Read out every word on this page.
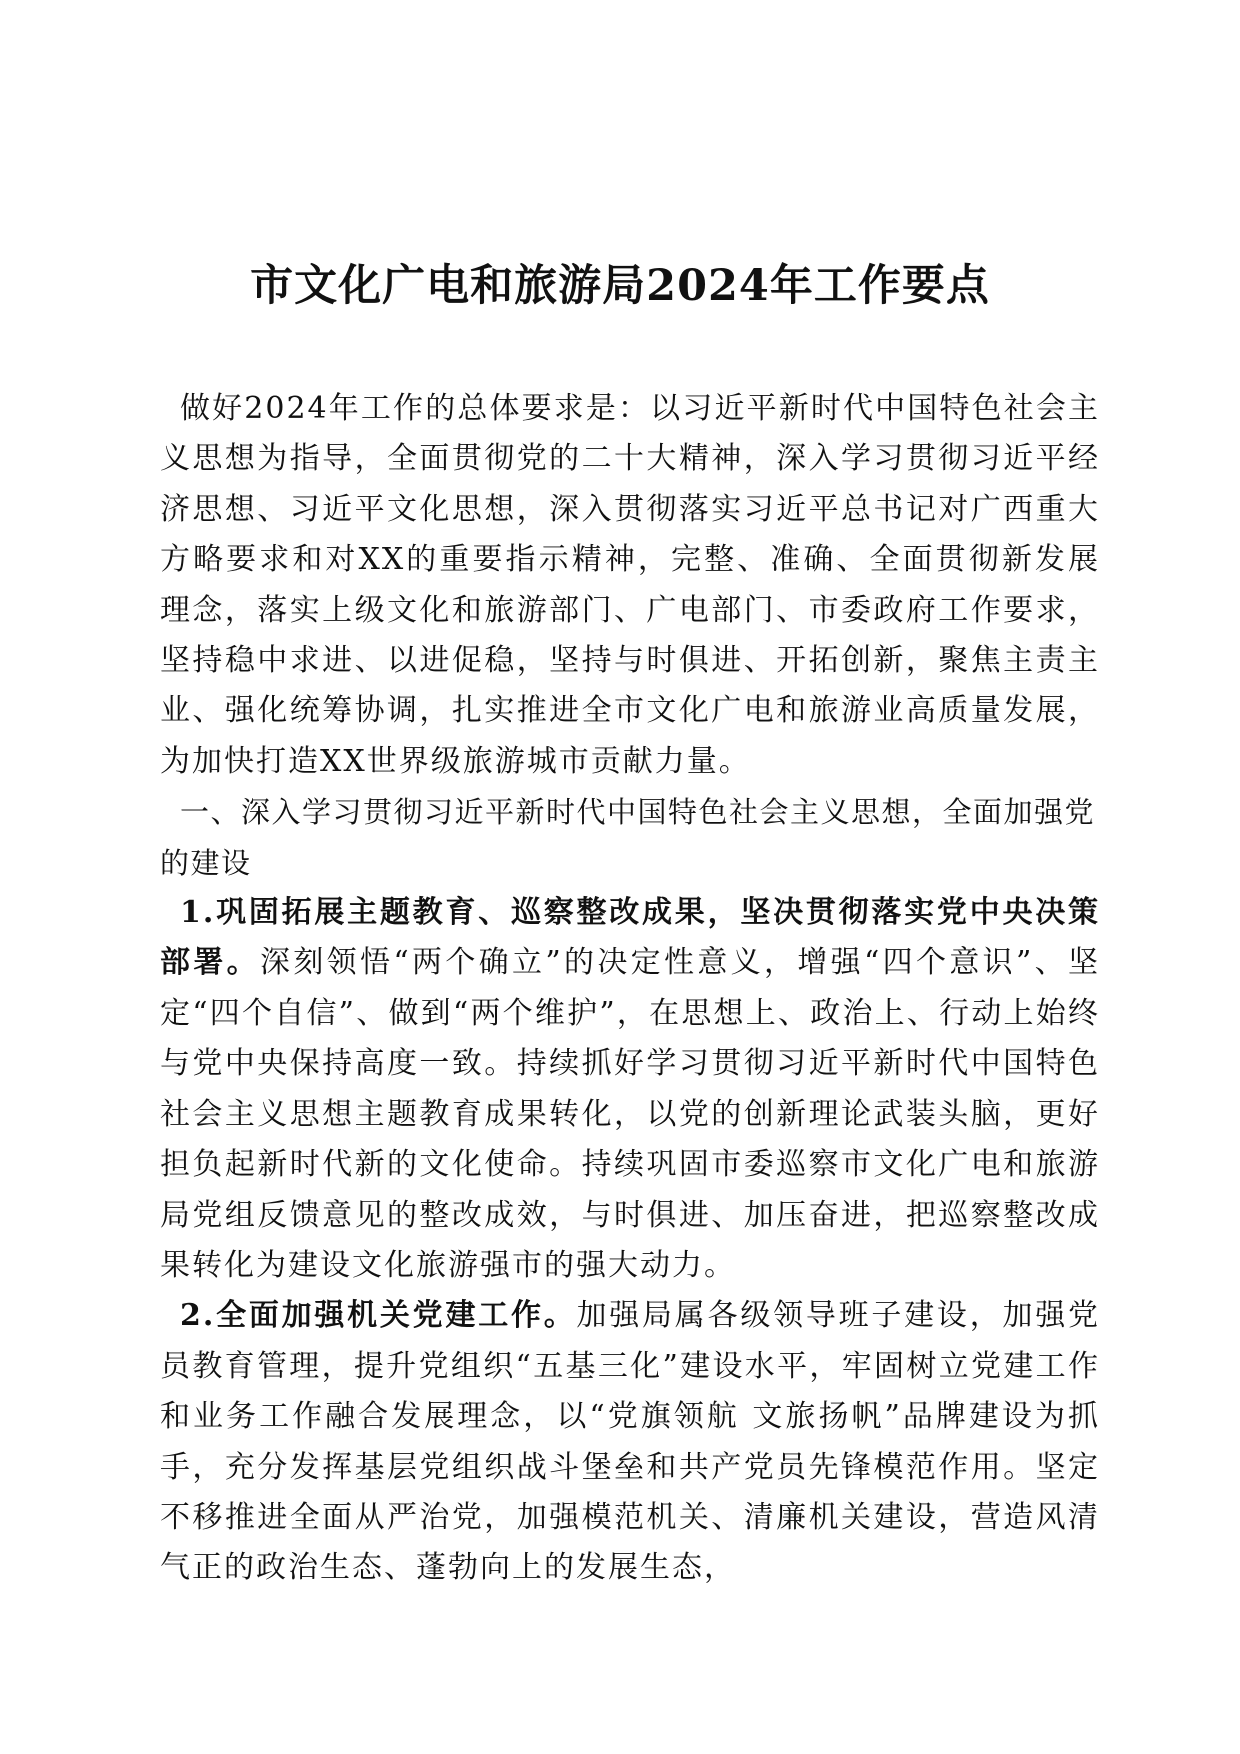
市文化广电和旅游局2024年工作要点

做好2024年工作的总体要求是：以习近平新时代中国特色社会主义思想为指导，全面贯彻党的二十大精神，深入学习贯彻习近平经济思想、习近平文化思想，深入贯彻落实习近平总书记对广西重大方略要求和对XX的重要指示精神，完整、准确、全面贯彻新发展理念，落实上级文化和旅游部门、广电部门、市委政府工作要求，坚持稳中求进、以进促稳，坚持与时俱进、开拓创新，聚焦主责主业、强化统筹协调，扎实推进全市文化广电和旅游业高质量发展，为加快打造XX世界级旅游城市贡献力量。

一、深入学习贯彻习近平新时代中国特色社会主义思想，全面加强党的建设

1.巩固拓展主题教育、巡察整改成果，坚决贯彻落实党中央决策部署。深刻领悟“两个确立”的决定性意义，增强“四个意识”、坚定“四个自信”、做到“两个维护”，在思想上、政治上、行动上始终与党中央保持高度一致。持续抓好学习贯彻习近平新时代中国特色社会主义思想主题教育成果转化，以党的创新理论武装头脑，更好担负起新时代新的文化使命。持续巩固市委巡察市文化广电和旅游局党组反馈意见的整改成效，与时俱进、加压奋进，把巡察整改成果转化为建设文化旅游强市的强大动力。

2.全面加强机关党建工作。加强局属各级领导班子建设，加强党员教育管理，提升党组织“五基三化”建设水平，牢固树立党建工作和业务工作融合发展理念，以“党旗领航 文旅扬帆”品牌建设为抓手，充分发挥基层党组织战斗堡垒和共产党员先锋模范作用。坚定不移推进全面从严治党，加强模范机关、清廉机关建设，营造风清气正的政治生态、蓬勃向上的发展生态，
